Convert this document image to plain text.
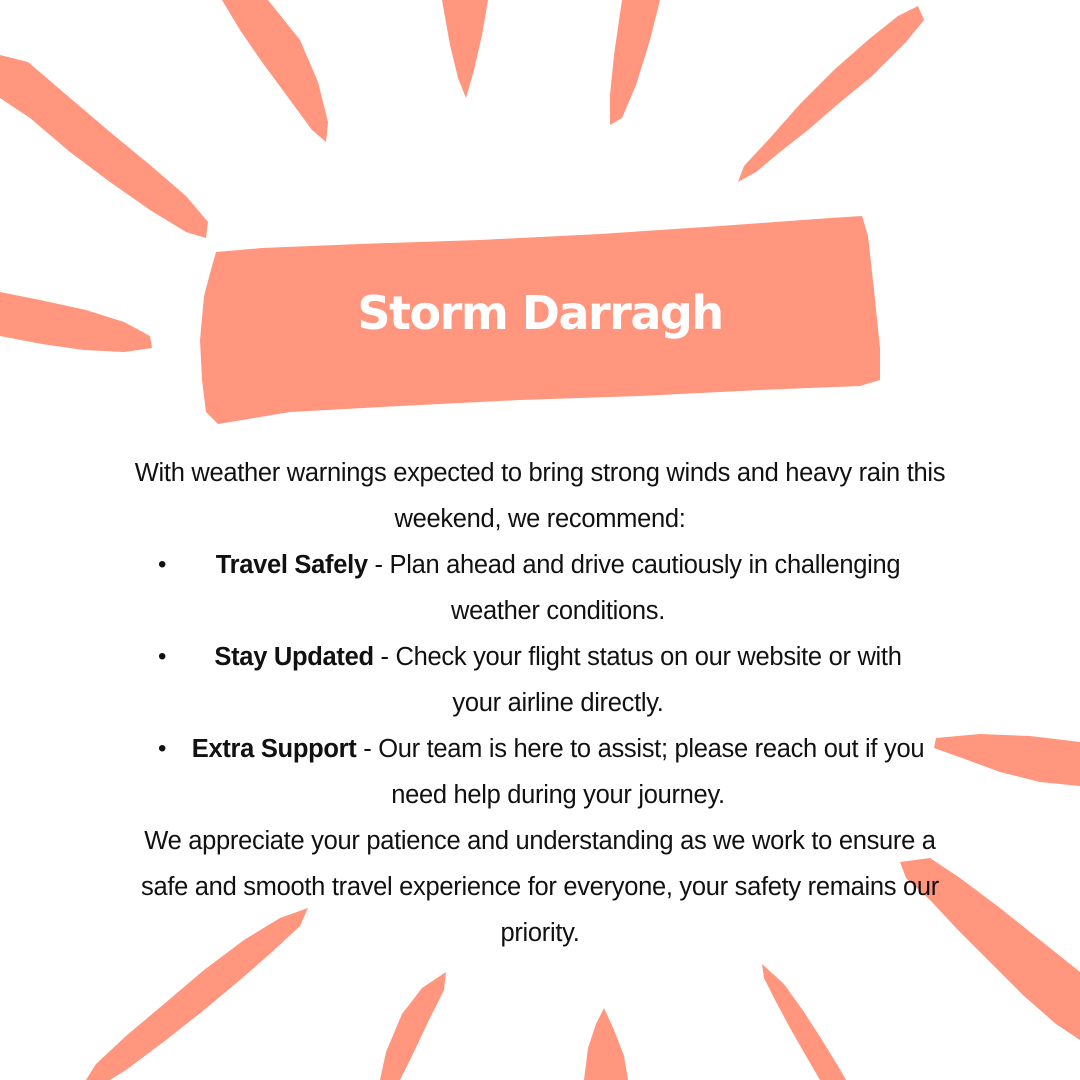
Storm Darragh

With weather warnings expected to bring strong winds and heavy rain this weekend, we recommend:

• Travel Safely - Plan ahead and drive cautiously in challenging weather conditions.
• Stay Updated - Check your flight status on our website or with your airline directly.
• Extra Support - Our team is here to assist; please reach out if you need help during your journey.

We appreciate your patience and understanding as we work to ensure a safe and smooth travel experience for everyone, your safety remains our priority.
